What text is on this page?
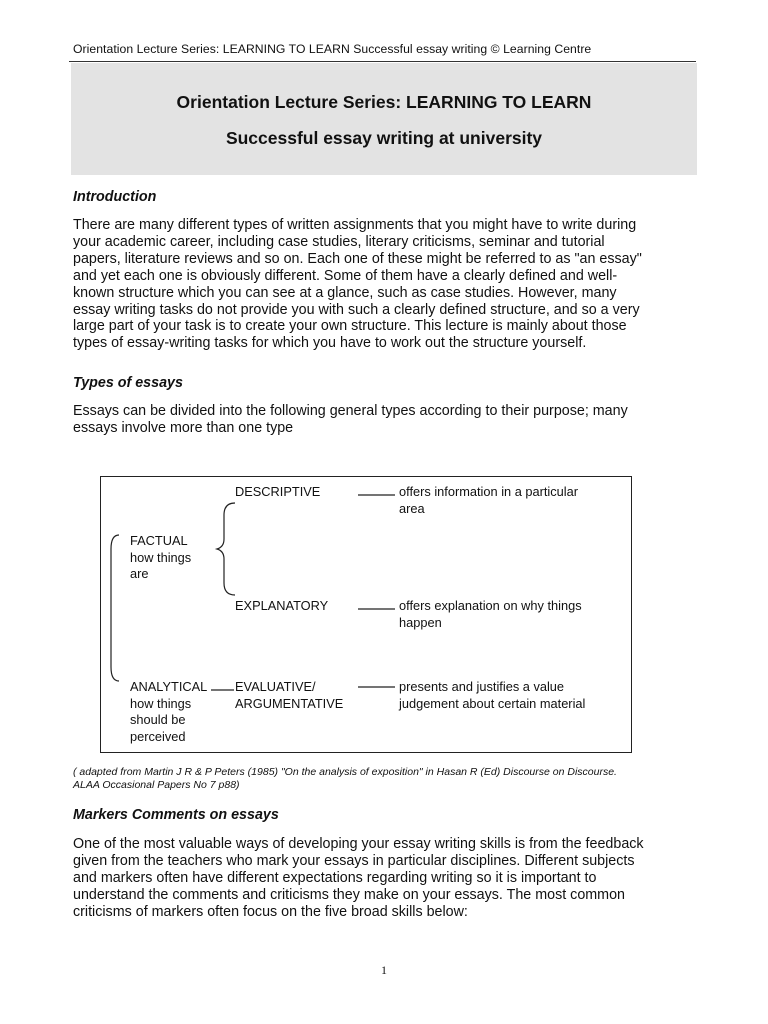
Orientation Lecture Series: LEARNING TO LEARN Successful essay writing © Learning Centre
Orientation Lecture Series: LEARNING TO LEARN
Successful essay writing at university
Introduction
There are many different types of written assignments that you might have to write during
your academic career, including case studies, literary criticisms, seminar and tutorial
papers, literature reviews and so on. Each one of these might be referred to as "an essay"
and yet each one is obviously different. Some of them have a clearly defined and well-
known structure which you can see at a glance, such as case studies. However, many
essay writing tasks do not provide you with such a clearly defined structure, and so a very
large part of your task is to create your own structure. This lecture is mainly about those
types of essay-writing tasks for which you have to work out the structure yourself.
Types of essays
Essays can be divided into the following general types according to their purpose; many
essays involve more than one type
FACTUAL
how things
are
ANALYTICAL
how things
should be
perceived
DESCRIPTIVE	offers information in a particular
area
EXPLANATORY	offers explanation on why things
happen
EVALUATIVE/
ARGUMENTATIVE
presents and justifies a value
judgement about certain material
( adapted from Martin J R & P Peters (1985) "On the analysis of exposition" in Hasan R (Ed) Discourse on Discourse.
ALAA Occasional Papers No 7 p88)
Markers Comments on essays
One of the most valuable ways of developing your essay writing skills is from the feedback
given from the teachers who mark your essays in particular disciplines. Different subjects
and markers often have different expectations regarding writing so it is important to
understand the comments and criticisms they make on your essays. The most common
criticisms of markers often focus on the five broad skills below:
1
